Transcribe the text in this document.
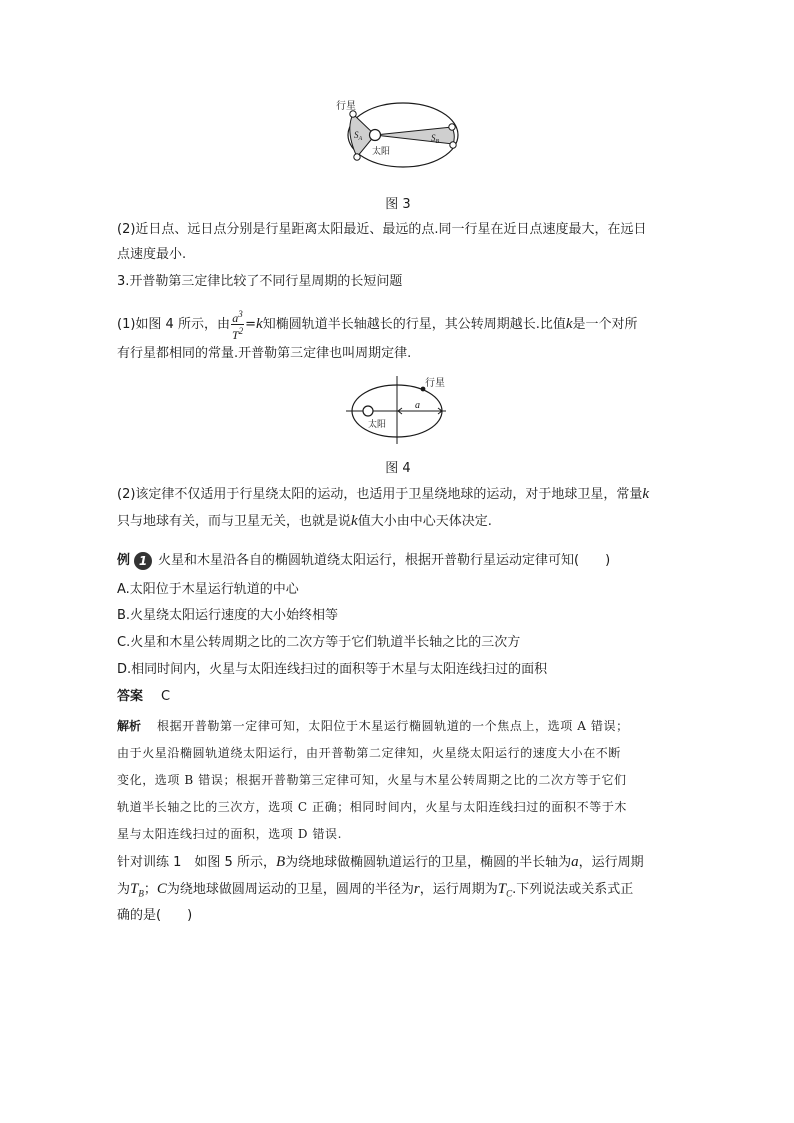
行星
太阳
$S_A$	$S_B$
图 3
(2)近日点、远日点分别是行星距离太阳最近、最远的点.同一行星在近日点速度最大，在远日
点速度最小.
3.开普勒第三定律比较了不同行星周期的长短问题
(1)如图 4 所示，由 $\frac{a^3}{T^2} =k$知椭圆轨道半长轴越长的行星，其公转周期越长.比值k是一个对所
有行星都相同的常量.开普勒第三定律也叫周期定律.
行星
太阳
a
图 4
(2)该定律不仅适用于行星绕太阳的运动，也适用于卫星绕地球的运动，对于地球卫星，常量k
只与地球有关，而与卫星无关，也就是说k值大小由中心天体决定.
例 1 火星和木星沿各自的椭圆轨道绕太阳运行，根据开普勒行星运动定律可知(　　)
A.太阳位于木星运行轨道的中心
B.火星绕太阳运行速度的大小始终相等
C.火星和木星公转周期之比的二次方等于它们轨道半长轴之比的三次方
D.相同时间内，火星与太阳连线扫过的面积等于木星与太阳连线扫过的面积
答案 C
解析 根据开普勒第一定律可知，太阳位于木星运行椭圆轨道的一个焦点上，选项 A 错误；
由于火星沿椭圆轨道绕太阳运行，由开普勒第二定律知，火星绕太阳运行的速度大小在不断
变化，选项 B 错误；根据开普勒第三定律可知，火星与木星公转周期之比的二次方等于它们
轨道半长轴之比的三次方，选项 C 正确；相同时间内，火星与太阳连线扫过的面积不等于木
星与太阳连线扫过的面积，选项 D 错误.
针对训练 1　如图 5 所示，B为绕地球做椭圆轨道运行的卫星，椭圆的半长轴为a，运行周期
为$T_B$；C为绕地球做圆周运动的卫星，圆周的半径为r，运行周期为$T_C$.下列说法或关系式正
确的是(　　)
